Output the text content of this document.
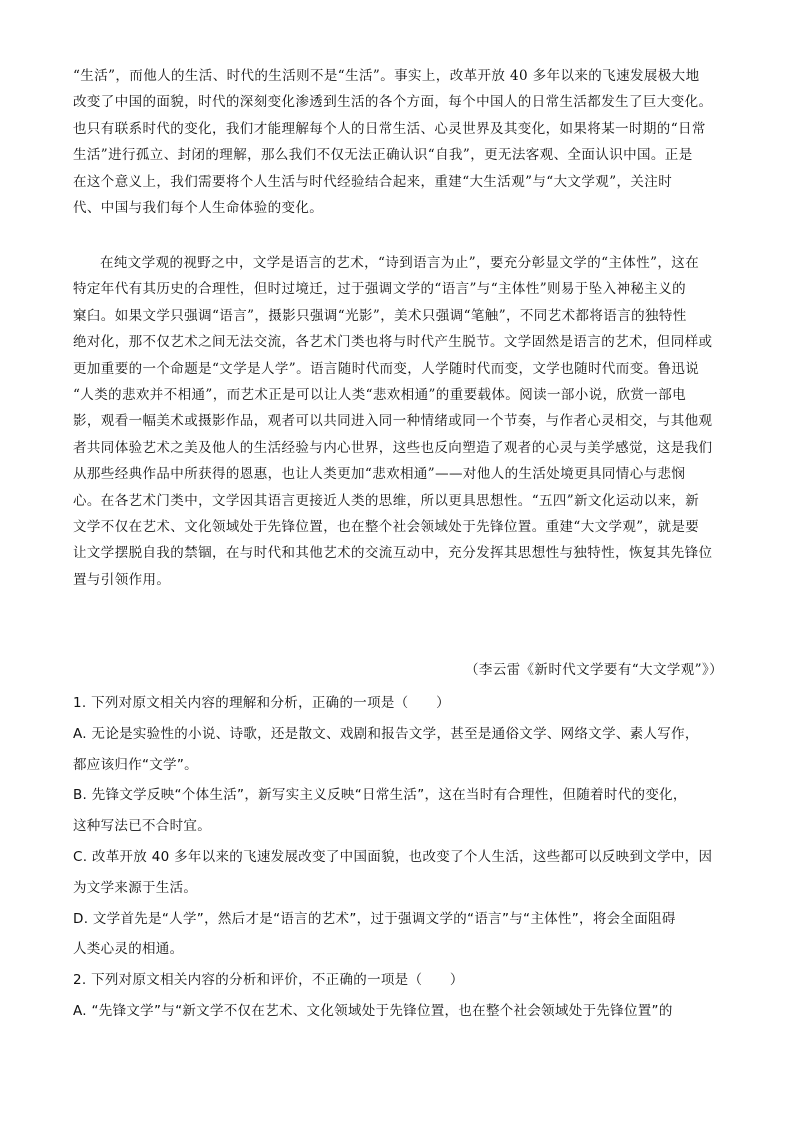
“生活”，而他人的生活、时代的生活则不是“生活”。事实上，改革开放 40 多年以来的飞速发展极大地
改变了中国的面貌，时代的深刻变化渗透到生活的各个方面，每个中国人的日常生活都发生了巨大变化。
也只有联系时代的变化，我们才能理解每个人的日常生活、心灵世界及其变化，如果将某一时期的“日常
生活”进行孤立、封闭的理解，那么我们不仅无法正确认识“自我”，更无法客观、全面认识中国。正是
在这个意义上，我们需要将个人生活与时代经验结合起来，重建“大生活观”与“大文学观”，关注时
代、中国与我们每个人生命体验的变化。
在纯文学观的视野之中，文学是语言的艺术，“诗到语言为止”，要充分彰显文学的“主体性”，这在
特定年代有其历史的合理性，但时过境迁，过于强调文学的“语言”与“主体性”则易于坠入神秘主义的
窠臼。如果文学只强调“语言”，摄影只强调“光影”，美术只强调“笔触”，不同艺术都将语言的独特性
绝对化，那不仅艺术之间无法交流，各艺术门类也将与时代产生脱节。文学固然是语言的艺术，但同样或
更加重要的一个命题是“文学是人学”。语言随时代而变，人学随时代而变，文学也随时代而变。鲁迅说
“人类的悲欢并不相通”，而艺术正是可以让人类“悲欢相通”的重要载体。阅读一部小说，欣赏一部电
影，观看一幅美术或摄影作品，观者可以共同进入同一种情绪或同一个节奏，与作者心灵相交，与其他观
者共同体验艺术之美及他人的生活经验与内心世界，这些也反向塑造了观者的心灵与美学感觉，这是我们
从那些经典作品中所获得的恩惠，也让人类更加“悲欢相通”——对他人的生活处境更具同情心与悲悯
心。在各艺术门类中，文学因其语言更接近人类的思维，所以更具思想性。“五四”新文化运动以来，新
文学不仅在艺术、文化领域处于先锋位置，也在整个社会领域处于先锋位置。重建“大文学观”，就是要
让文学摆脱自我的禁锢，在与时代和其他艺术的交流互动中，充分发挥其思想性与独特性，恢复其先锋位
置与引领作用。
（李云雷《新时代文学要有“大文学观”》）
1. 下列对原文相关内容的理解和分析，正确的一项是（　　）
A. 无论是实验性的小说、诗歌，还是散文、戏剧和报告文学，甚至是通俗文学、网络文学、素人写作，
都应该归作“文学”。
B. 先锋文学反映“个体生活”，新写实主义反映“日常生活”，这在当时有合理性，但随着时代的变化，
这种写法已不合时宜。
C. 改革开放 40 多年以来的飞速发展改变了中国面貌，也改变了个人生活，这些都可以反映到文学中，因
为文学来源于生活。
D. 文学首先是“人学”，然后才是“语言的艺术”，过于强调文学的“语言”与“主体性”，将会全面阻碍
人类心灵的相通。
2. 下列对原文相关内容的分析和评价，不正确的一项是（　　）
A. “先锋文学”与“新文学不仅在艺术、文化领域处于先锋位置，也在整个社会领域处于先锋位置”的
